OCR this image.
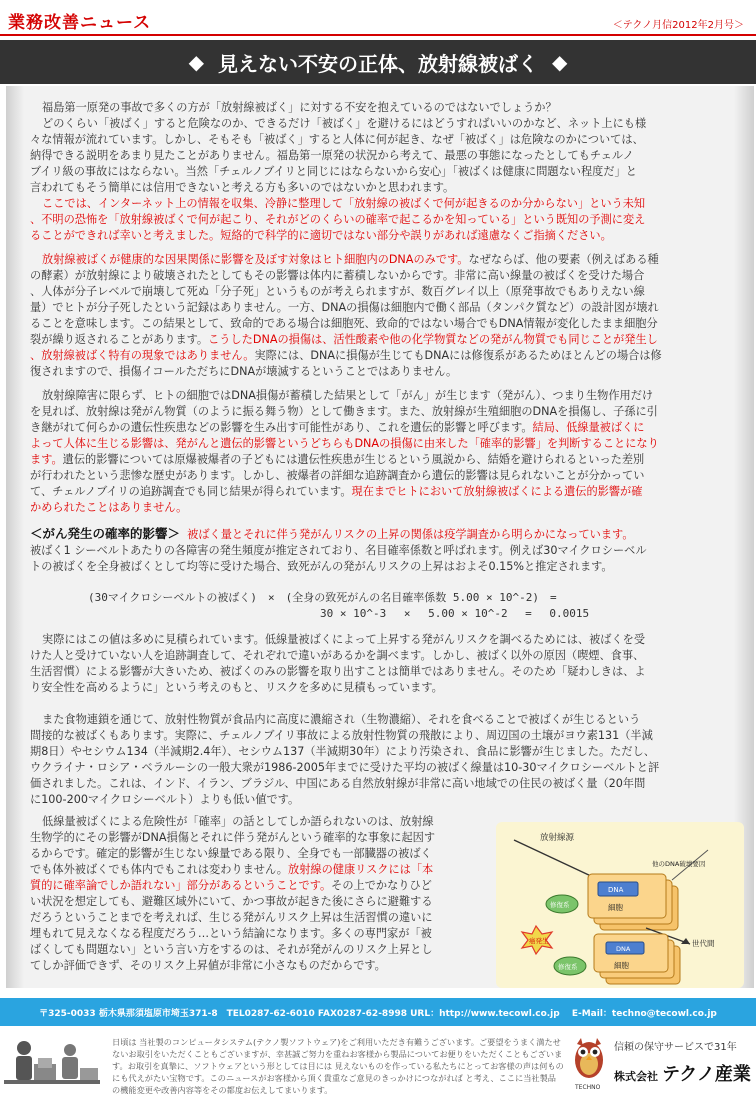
業務改善ニュース	＜テクノ月信2012年2月号＞
◆ 見えない不安の正体、放射線被ばく ◆
福島第一原発の事故で多くの方が「放射線被ばく」に対する不安を抱えているのではないでしょうか？
どのくらい「被ばく」すると危険なのか、できるだけ「被ばく」を避けるにはどうすればいいのかなど、ネット上にも様
々な情報が流れています。しかし、そもそも「被ばく」すると人体に何が起き、なぜ「被ばく」は危険なのかについては、
納得できる説明をあまり見たことがありません。福島第一原発の状況から考えて、最悪の事態になったとしてもチェルノ
ブイリ級の事故にはならない。当然「チェルノブイリと同じにはならないから安心」「被ばくは健康に問題ない程度だ」と
言われてもそう簡単には信用できないと考える方も多いのではないかと思われます。
ここでは、インターネット上の情報を収集、冷静に整理して「放射線の被ばくで何が起きるのか分からない」という未知
、不明の恐怖を「放射線被ばくで何が起こり、それがどのくらいの確率で起こるかを知っている」という既知の予測に変え
ることができれば幸いと考えました。短絡的で科学的に適切ではない部分や誤りがあれば遠慮なくご指摘ください。
放射線被ばくが健康的な因果関係に影響を及ぼす対象はヒト細胞内のDNAのみです。なぜならば、他の要素（例えばある種
の酵素）が放射線により破壊されたとしてもその影響は体内に蓄積しないからです。非常に高い線量の被ばくを受けた場合
、人体が分子レベルで崩壊して死ぬ「分子死」というものが考えられますが、数百グレイ以上（原発事故でもありえない線
量）でヒトが分子死したという記録はありません。一方、DNAの損傷は細胞内で働く部品（タンパク質など）の設計図が壊れ
ることを意味します。この結果として、致命的である場合は細胞死、致命的ではない場合でもDNA情報が変化したまま細胞分
裂が繰り返されることがあります。こうしたDNAの損傷は、活性酸素や他の化学物質などの発がん物質でも同じことが発生し
、放射線被ばく特有の現象ではありません。実際には、DNAに損傷が生じてもDNAには修復系があるためほとんどの場合は修
復されますので、損傷イコールただちにDNAが壊滅するということではありません。
放射線障害に限らず、ヒトの細胞ではDNA損傷が蓄積した結果として「がん」が生じます（発がん）、つまり生物作用だけ
を見れば、放射線は発がん物質（のように振る舞う物）として働きます。また、放射線が生殖細胞のDNAを損傷し、子孫に引
き継がれて何らかの遺伝性疾患などの影響を生み出す可能性があり、これを遺伝的影響と呼びます。結局、低線量被ばくに
よって人体に生じる影響は、発がんと遺伝的影響というどちらもDNAの損傷に由来した「確率的影響」を判断することになり
ます。遺伝的影響については原爆被爆者の子どもには遺伝性疾患が生じるという風説から、結婚を避けられるといった差別
が行われたという悲惨な歴史があります。しかし、被爆者の詳細な追跡調査から遺伝的影響は見られないことが分かってい
て、チェルノブイリの追跡調査でも同じ結果が得られています。現在までヒトにおいて放射線被ばくによる遺伝的影響が確
かめられたことはありません。
＜がん発生の確率的影響＞ 被ばく量とそれに伴う発がんリスクの上昇の関係は疫学調査から明らかになっています。
被ばく1 シーベルトあたりの各障害の発生頻度が推定されており、名目確率係数と呼ばれます。例えば30マイクロシーベル
トの被ばくを全身被ばくとして均等に受けた場合、致死がんの発がんリスクの上昇はおよそ0.15%と推定されます。
(30マイクロシーベルトの被ばく)　×　(全身の致死がんの名目確率係数 5.00 × 10^-2)　=
30 × 10^-3　 ×　 5.00 × 10^-2　 =　 0.0015
実際にはこの値は多めに見積られています。低線量被ばくによって上昇する発がんリスクを調べるためには、被ばくを受
けた人と受けていない人を追跡調査して、それぞれで違いがあるかを調べます。しかし、被ばく以外の原因（喫煙、食事、
生活習慣）による影響が大きいため、被ばくのみの影響を取り出すことは簡単ではありません。そのため「疑わしきは、よ
り安全性を高めるように」という考えのもと、リスクを多めに見積もっています。
また食物連鎖を通じて、放射性物質が食品内に高度に濃縮され（生物濃縮）、それを食べることで被ばくが生じるという
間接的な被ばくもあります。実際に、チェルノブイリ事故による放射性物質の飛散により、周辺国の土壌がヨウ素131（半減
期8日）やセシウム134（半減期2.4年）、セシウム137（半減期30年）により汚染され、食品に影響が生じました。ただし、
ウクライナ・ロシア・ベラルーシの一般大衆が1986-2005年までに受けた平均の被ばく線量は10-30マイクロシーベルトと評
価されました。これは、インド、イラン、ブラジル、中国にある自然放射線が非常に高い地域での住民の被ばく量（20年間
に100-200マイクロシーベルト）よりも低い値です。
低線量被ばくによる危険性が「確率」の話としてしか語られないのは、放射線
生物学的にその影響がDNA損傷とそれに伴う発がんという確率的な事象に起因す
るからです。確定的影響が生じない線量である限り、全身でも一部臓器の被ばく
でも体外被ばくでも体内でもこれは変わりません。放射線の健康リスクには「本
質的に確率論でしか語れない」部分があるということです。その上でかなりひど
い状況を想定しても、避難区域外にいて、かつ事故が起きた後にさらに避難する
だろうということまでを考えれば、生じる発がんリスク上昇は生活習慣の違いに
埋もれて見えなくなる程度だろう…という結論になります。多くの専門家が「被
ばくしても問題ない」という言い方をするのは、それが発がんのリスク上昇とし
てしか評価できず、そのリスク上昇値が非常に小さなものだからです。
放射線源
他のDNA破壊要因
DNA
細胞
修復系
癌発生	世代間
DNA
細胞
修復系
〒325-0033 栃木県那須塩原市埼玉371-8　TEL0287-62-6010 FAX0287-62-8998 URL：http://www.tecowl.co.jp　 E-Mail：techno@tecowl.co.jp
日頃は 当社製のコンピュータシステム(テクノ製ソフトウェア)をご利用いただき有難うございます。ご要望をうまく満たせないお取引をいただくこともございますが、幸甚誠ご努力を重ねお客様から製品についてお便りをいただくこともございます。お取引を真摯に、ソフトウェアという形としては目には 見えないものを作っている私たちにとってお客様の声は何ものにも代えがたい宝物です。このニュースがお客様から頂く貴重なご意見のきっかけにつながれば と考え、ここに当社製品の機能変更や改善内容等をその都度お伝えしてまいります。	TECHNO
信頼の保守サービスで31年
株式会社 テクノ産業
